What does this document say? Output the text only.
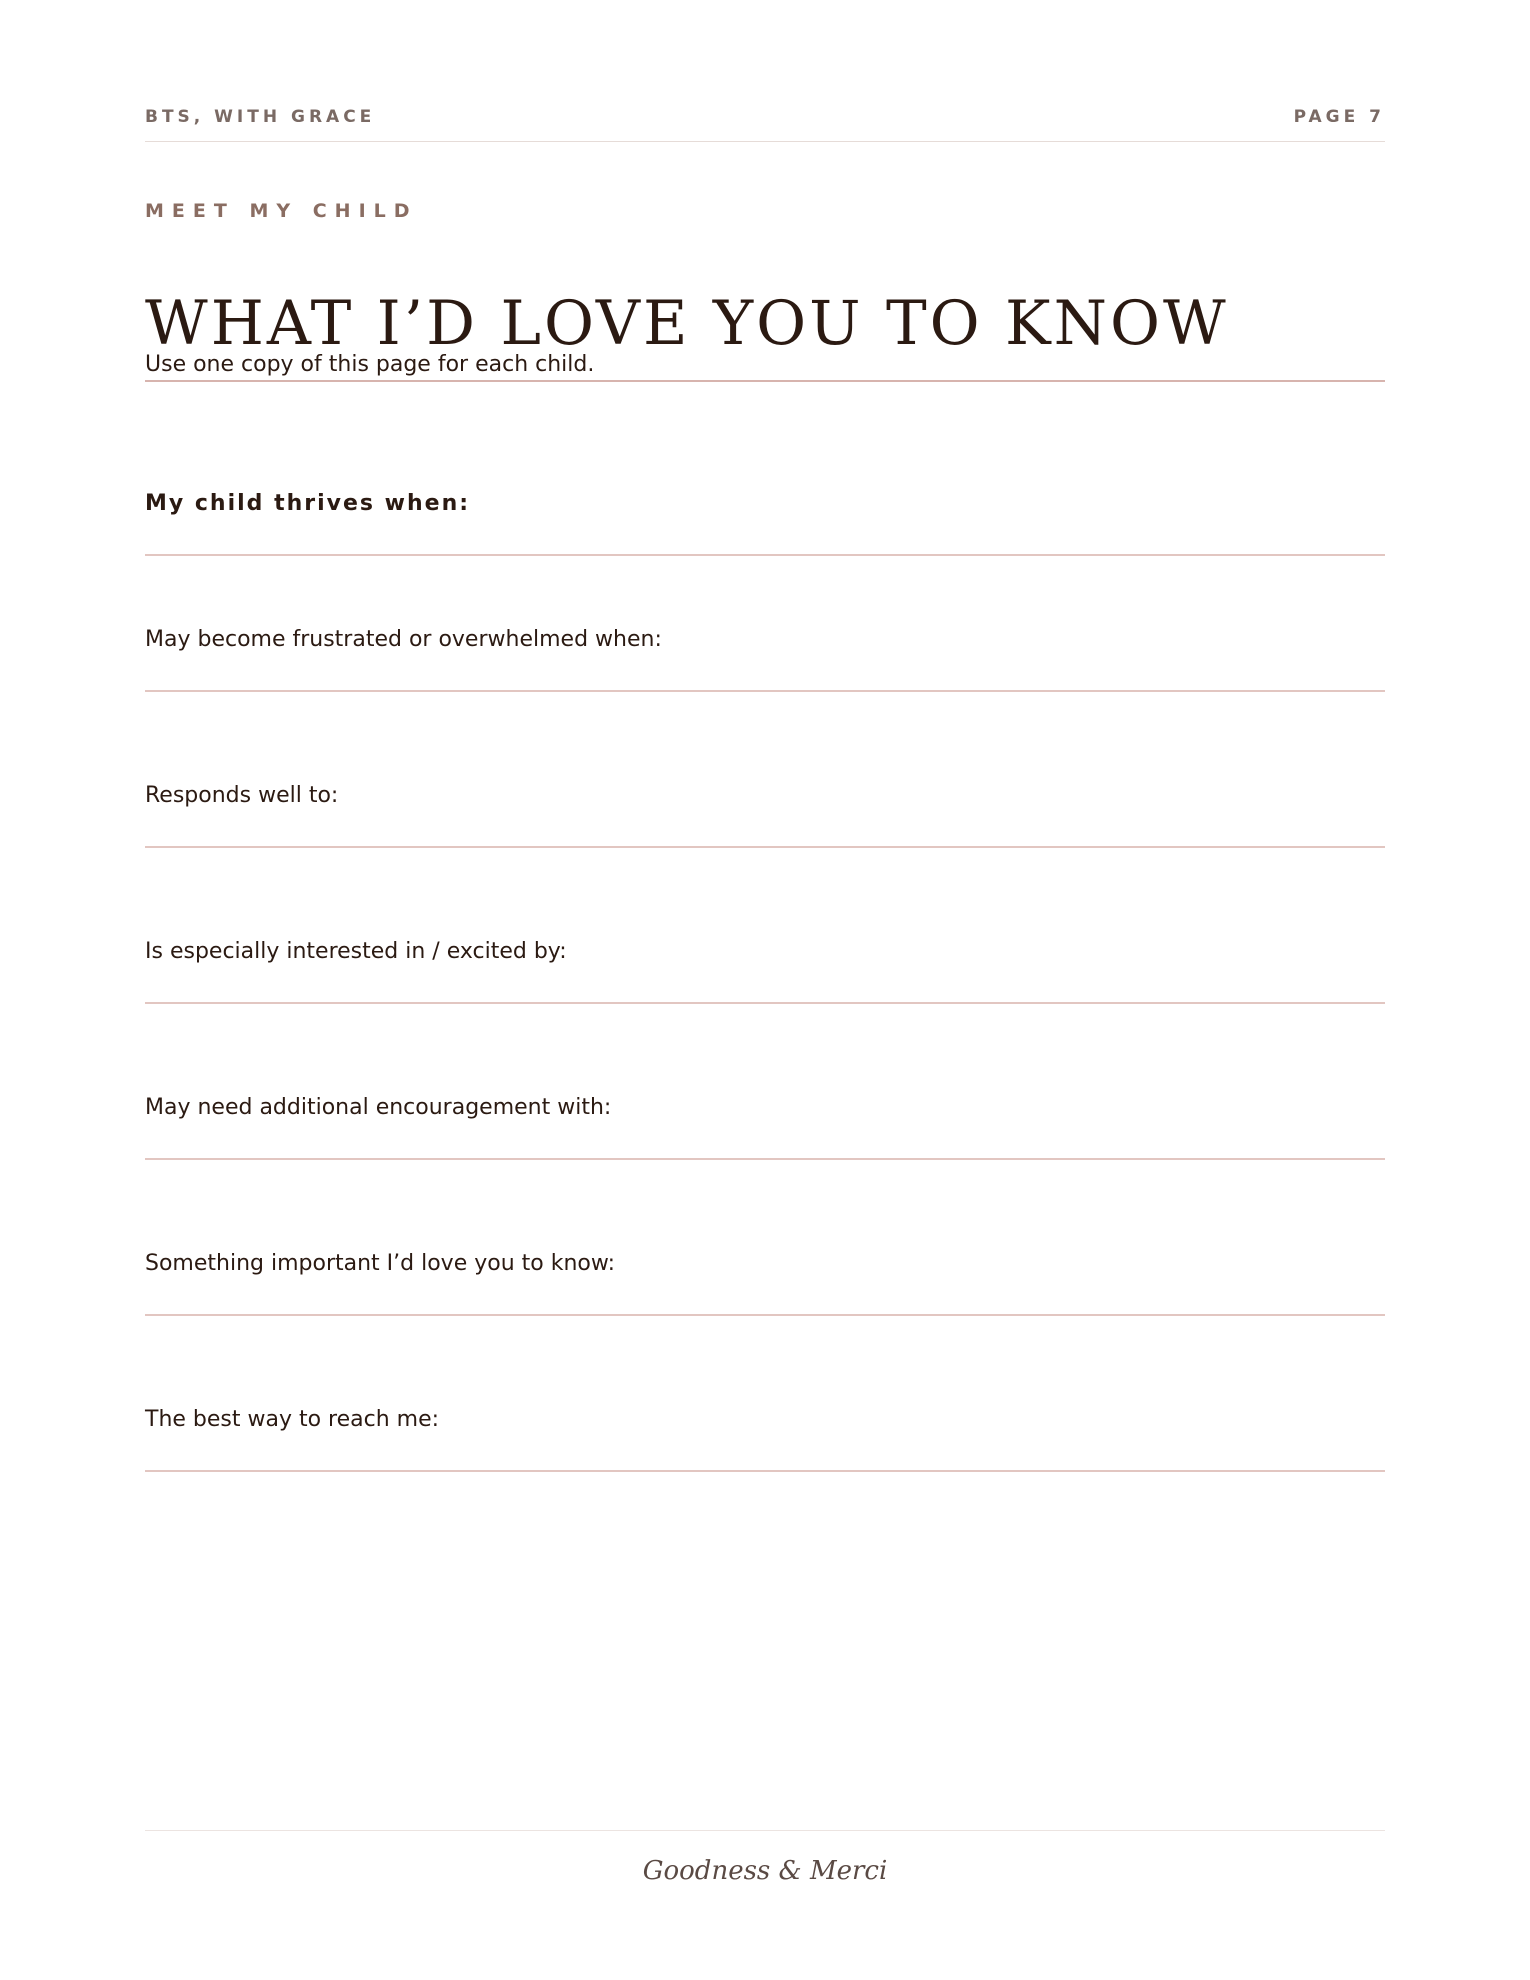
BTS, WITH GRACE	PAGE 7
MEET MY CHILD
WHAT I’D LOVE YOU TO KNOW
Use one copy of this page for each child.
My child thrives when:
May become frustrated or overwhelmed when:
Responds well to:
Is especially interested in / excited by:
May need additional encouragement with:
Something important I’d love you to know:
The best way to reach me:
Goodness & Merci
